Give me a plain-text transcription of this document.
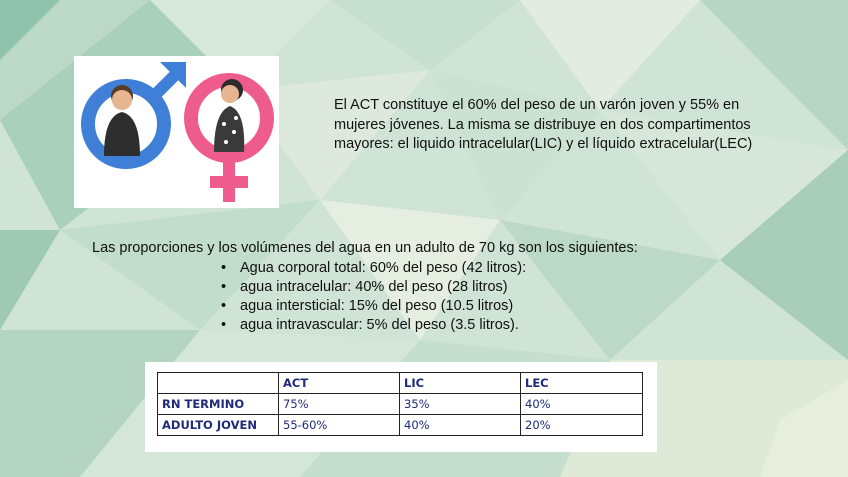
El ACT constituye el 60% del peso de un varón joven y 55% en mujeres jóvenes. La misma se distribuye en dos compartimentos mayores: el liquido intracelular(LIC) y el líquido extracelular(LEC)
Las proporciones y los volúmenes del agua en un adulto de 70 kg son los siguientes:
• Agua corporal total: 60% del peso (42 litros):
• agua intracelular: 40% del peso (28 litros)
• agua intersticial: 15% del peso (10.5 litros)
• agua intravascular: 5% del peso (3.5 litros).
	ACT	LIC	LEC
RN TERMINO	75%	35%	40%
ADULTO JOVEN	55-60%	40%	20%
